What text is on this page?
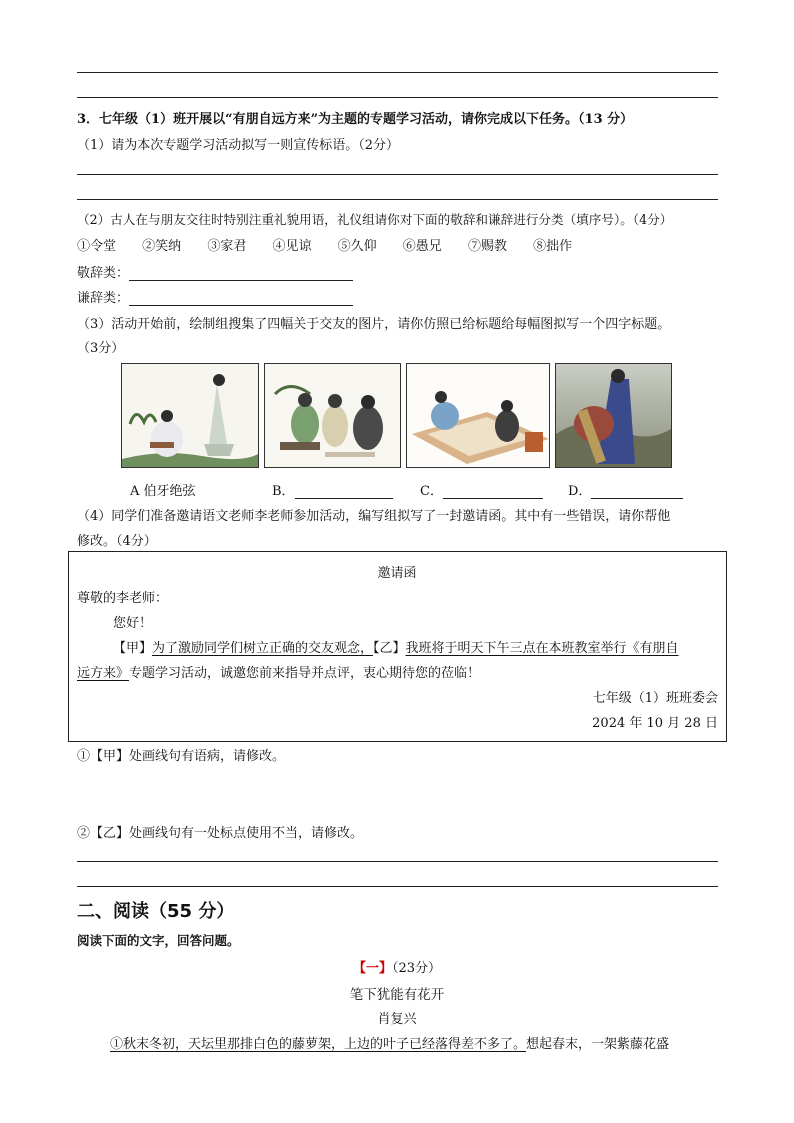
3．七年级（1）班开展以“有朋自远方来”为主题的专题学习活动，请你完成以下任务。（13 分）
（1）请为本次专题学习活动拟写一则宣传标语。（2分）
（2）古人在与朋友交往时特别注重礼貌用语，礼仪组请你对下面的敬辞和谦辞进行分类（填序号）。（4分）
①令堂 ②笑纳 ③家君 ④见谅 ⑤久仰 ⑥愚兄 ⑦赐教 ⑧拙作
敬辞类：
谦辞类：
（3）活动开始前，绘制组搜集了四幅关于交友的图片，请你仿照已给标题给每幅图拟写一个四字标题。
（3分）
A 伯牙绝弦	B．	C．	D．
（4）同学们准备邀请语文老师李老师参加活动，编写组拟写了一封邀请函。其中有一些错误，请你帮他
修改。（4分）
邀请函
尊敬的李老师：
您好！
【甲】为了激励同学们树立正确的交友观念，【乙】我班将于明天下午三点在本班教室举行《有朋自
远方来》专题学习活动，诚邀您前来指导并点评，衷心期待您的莅临！
七年级（1）班班委会
2024 年 10 月 28 日
①【甲】处画线句有语病，请修改。
②【乙】处画线句有一处标点使用不当，请修改。
二、阅读（55 分）
阅读下面的文字，回答问题。
【一】（23分）
笔下犹能有花开
肖复兴
①秋末冬初，天坛里那排白色的藤萝架，上边的叶子已经落得差不多了。想起春末，一架紫藤花盛
